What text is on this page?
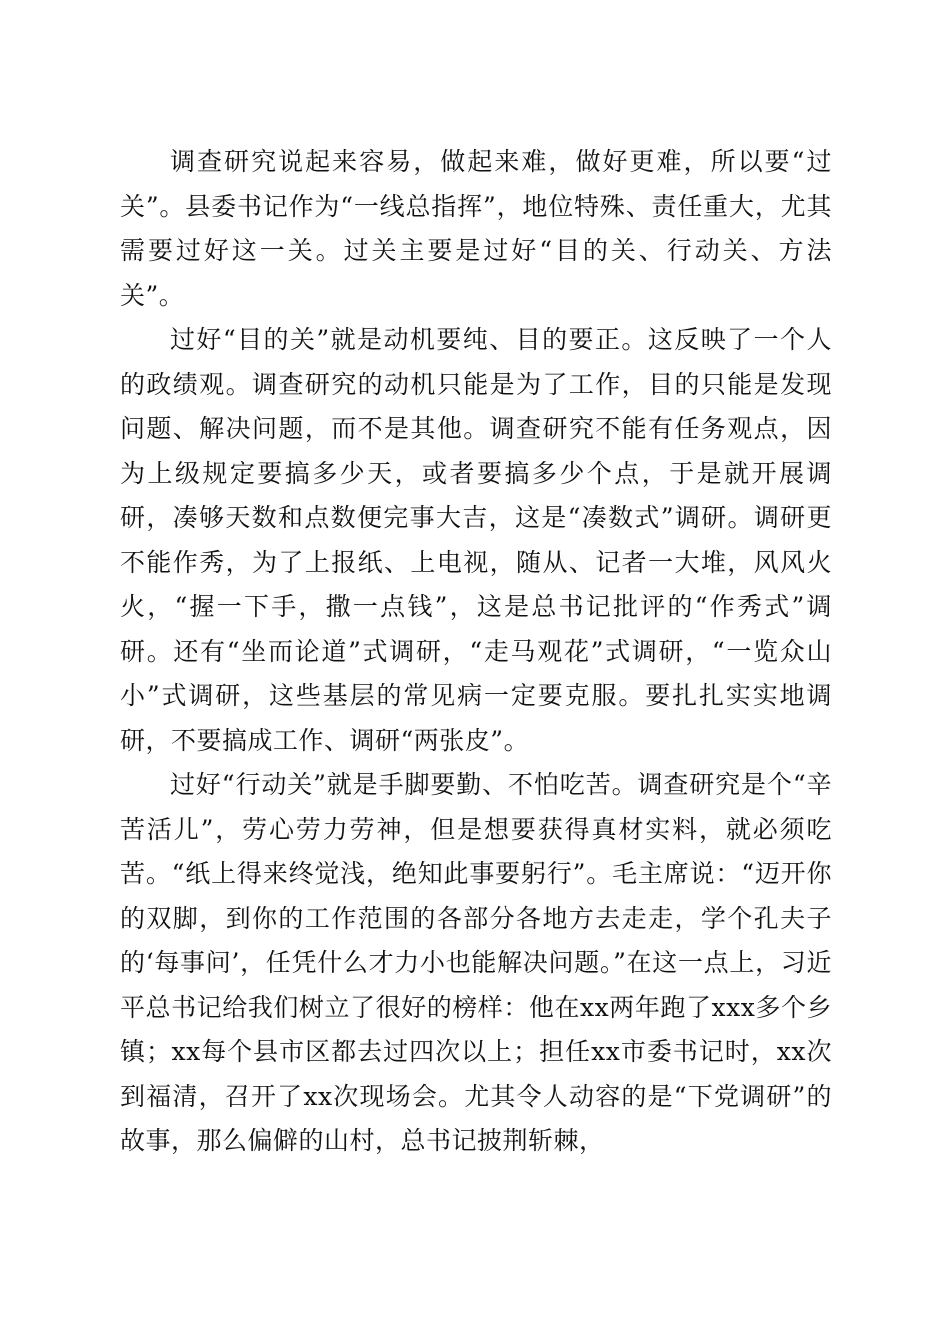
调查研究说起来容易，做起来难，做好更难，所以要“过关”。县委书记作为“一线总指挥”，地位特殊、责任重大，尤其需要过好这一关。过关主要是过好“目的关、行动关、方法关”。

过好“目的关”就是动机要纯、目的要正。这反映了一个人的政绩观。调查研究的动机只能是为了工作，目的只能是发现问题、解决问题，而不是其他。调查研究不能有任务观点，因为上级规定要搞多少天，或者要搞多少个点，于是就开展调研，凑够天数和点数便完事大吉，这是“凑数式”调研。调研更不能作秀，为了上报纸、上电视，随从、记者一大堆，风风火火，“握一下手，撒一点钱”，这是总书记批评的“作秀式”调研。还有“坐而论道”式调研，“走马观花”式调研，“一览众山小”式调研，这些基层的常见病一定要克服。要扎扎实实地调研，不要搞成工作、调研“两张皮”。

过好“行动关”就是手脚要勤、不怕吃苦。调查研究是个“辛苦活儿”，劳心劳力劳神，但是想要获得真材实料，就必须吃苦。“纸上得来终觉浅，绝知此事要躬行”。毛主席说：“迈开你的双脚，到你的工作范围的各部分各地方去走走，学个孔夫子的‘每事问’，任凭什么才力小也能解决问题。”在这一点上，习近平总书记给我们树立了很好的榜样：他在xx两年跑了xxx多个乡镇；xx每个县市区都去过四次以上；担任xx市委书记时，xx次到福清，召开了xx次现场会。尤其令人动容的是“下党调研”的故事，那么偏僻的山村，总书记披荆斩棘，
